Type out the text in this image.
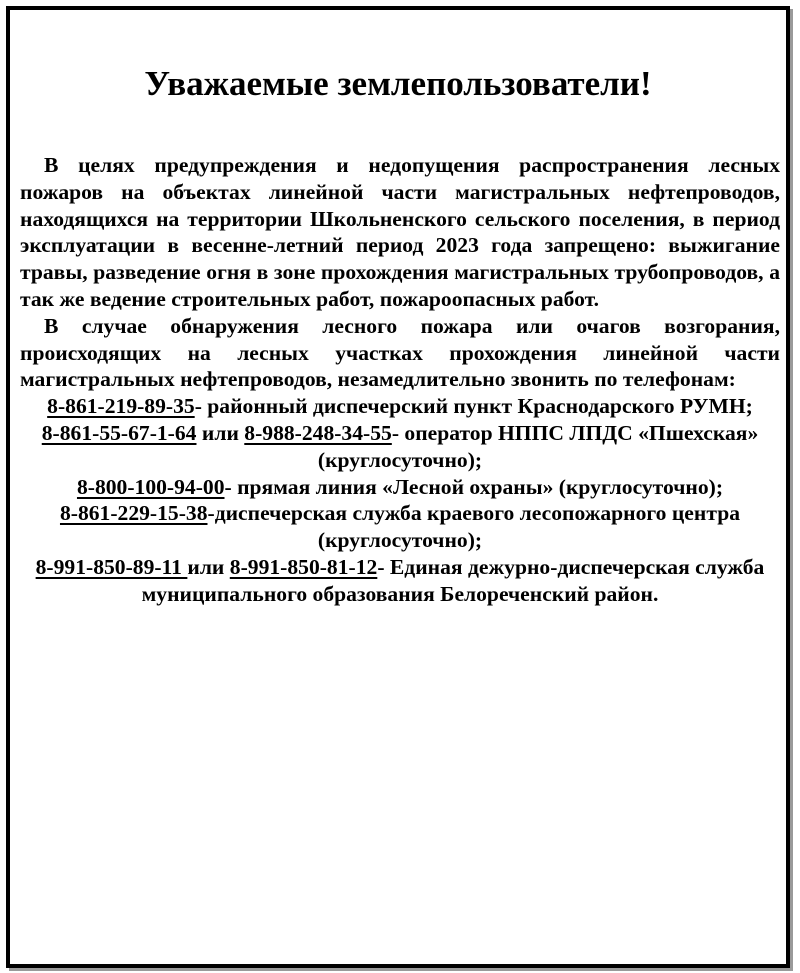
Уважаемые землепользователи!

В целях предупреждения и недопущения распространения лесных пожаров на объектах линейной части магистральных нефтепроводов, находящихся на территории Школьненского сельского поселения, в период эксплуатации в весенне-летний период 2023 года запрещено: выжигание травы, разведение огня в зоне прохождения магистральных трубопроводов, а так же ведение строительных работ, пожароопасных работ.

В случае обнаружения лесного пожара или очагов возгорания, происходящих на лесных участках прохождения линейной части магистральных нефтепроводов, незамедлительно звонить по телефонам:

8-861-219-89-35- районный диспечерский пункт Краснодарского РУМН;

8-861-55-67-1-64 или 8-988-248-34-55- оператор НППС ЛПДС «Пшехская» (круглосуточно);

8-800-100-94-00- прямая линия «Лесной охраны» (круглосуточно);

8-861-229-15-38-диспечерская служба краевого лесопожарного центра (круглосуточно);

8-991-850-89-11 или 8-991-850-81-12- Единая дежурно-диспечерская служба муниципального образования Белореченский район.
